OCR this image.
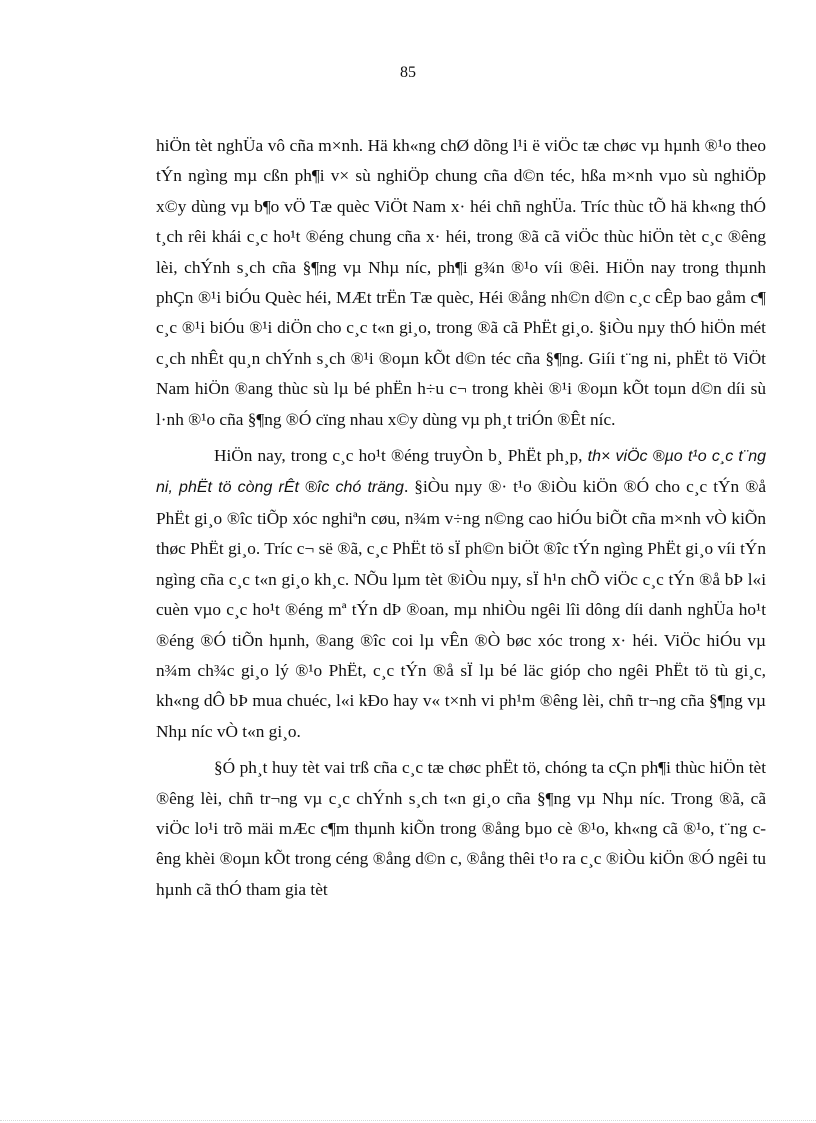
85

hiÖn tèt nghÜa vô cña m×nh. Hä kh«ng chØ dõng l¹i ë viÖc tæ chøc vµ hµnh ®¹o theo tÝn ngìng mµ cßn ph¶i v× sù nghiÖp chung cña d©n téc, hßa m×nh vµo sù nghiÖp x©y dùng vµ b¶o vÖ Tæ quèc ViÖt Nam x· héi chñ nghÜa. Tríc thùc tÕ hä kh«ng thÓ t¸ch rêi khái c¸c ho¹t ®éng chung cña x· héi, trong ®ã cã viÖc thùc hiÖn tèt c¸c ®êng lèi, chÝnh s¸ch cña §¶ng vµ Nhµ níc, ph¶i g¾n ®¹o víi ®êi. HiÖn nay trong thµnh phÇn ®¹i biÓu Quèc héi, MÆt trËn Tæ quèc, Héi ®ång nh©n d©n c¸c cÊp bao gåm c¶ c¸c ®¹i biÓu ®¹i diÖn cho c¸c t«n gi¸o, trong ®ã cã PhËt gi¸o. §iÒu nµy thÓ hiÖn mét c¸ch nhÊt qu¸n chÝnh s¸ch ®¹i ®oµn kÕt d©n téc cña §¶ng. Giíi t¨ng ni, phËt tö ViÖt Nam hiÖn ®ang thùc sù lµ bé phËn h÷u c¬ trong khèi ®¹i ®oµn kÕt toµn d©n díi sù l·nh ®¹o cña §¶ng ®Ó cïng nhau x©y dùng vµ ph¸t triÓn ®Êt níc.

HiÖn nay, trong c¸c ho¹t ®éng truyÒn b¸ PhËt ph¸p, th× viÖc ®µo t¹o c¸c t¨ng ni, phËt tö còng rÊt ®îc chó träng. §iÒu nµy ®· t¹o ®iÒu kiÖn ®Ó cho c¸c tÝn ®å PhËt gi¸o ®îc tiÕp xóc nghiªn cøu, n¾m v÷ng n©ng cao hiÓu biÕt cña m×nh vÒ kiÕn thøc PhËt gi¸o. Tríc c¬ së ®ã, c¸c PhËt tö sÏ ph©n biÖt ®îc tÝn ngìng PhËt gi¸o víi tÝn ngìng cña c¸c t«n gi¸o kh¸c. NÕu lµm tèt ®iÒu nµy, sÏ h¹n chÕ viÖc c¸c tÝn ®å bÞ l«i cuèn vµo c¸c ho¹t ®éng mª tÝn dÞ ®oan, mµ nhiÒu ngêi lîi dông díi danh nghÜa ho¹t ®éng ®Ó tiÕn hµnh, ®ang ®îc coi lµ vÊn ®Ò bøc xóc trong x· héi. ViÖc hiÓu vµ n¾m ch¾c gi¸o lý ®¹o PhËt, c¸c tÝn ®å sÏ lµ bé läc gióp cho ngêi PhËt tö tù gi¸c, kh«ng dÔ bÞ mua chuéc, l«i kÐo hay v« t×nh vi ph¹m ®êng lèi, chñ tr¬ng cña §¶ng vµ Nhµ níc vÒ t«n gi¸o.

§Ó ph¸t huy tèt vai trß cña c¸c tæ chøc phËt tö, chóng ta cÇn ph¶i thùc hiÖn tèt ®êng lèi, chñ tr¬ng vµ c¸c chÝnh s¸ch t«n gi¸o cña §¶ng vµ Nhµ níc. Trong ®ã, cã viÖc lo¹i trõ mäi mÆc c¶m thµnh kiÕn trong ®ång bµo cè ®¹o, kh«ng cã ®¹o, t¨ng cêng khèi ®oµn kÕt trong céng ®ång d©n c, ®ång thêi t¹o ra c¸c ®iÒu kiÖn ®Ó ngêi tu hµnh cã thÓ tham gia tèt
